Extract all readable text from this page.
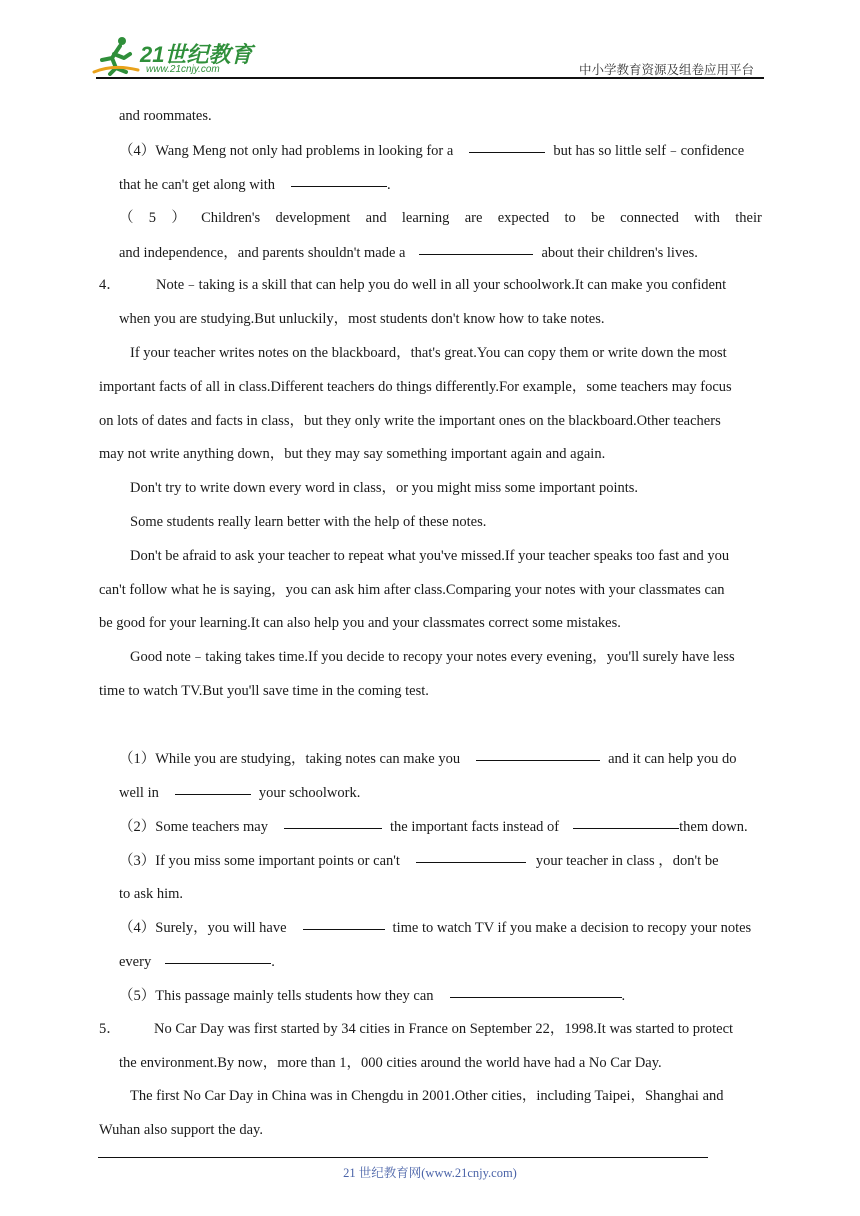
21世纪教育
www.21cnjy.com	中小学教育资源及组卷应用平台
and roommates.
（4）Wang Meng not only had problems in looking for a	but has so little self﹣confidence
that he can't get along with	.
（ 5 ） Children's development and learning are expected to be connected with their
and independence，and parents shouldn't made a	about their children's lives.
4． Note﹣taking is a skill that can help you do well in all your schoolwork.It can make you confident
when you are studying.But unluckily，most students don't know how to take notes.
If your teacher writes notes on the blackboard，that's great.You can copy them or write down the most
important facts of all in class.Different teachers do things differently.For example，some teachers may focus
on lots of dates and facts in class，but they only write the important ones on the blackboard.Other teachers
may not write anything down，but they may say something important again and again.
Don't try to write down every word in class，or you might miss some important points.
Some students really learn better with the help of these notes.
Don't be afraid to ask your teacher to repeat what you've missed.If your teacher speaks too fast and you
can't follow what he is saying，you can ask him after class.Comparing your notes with your classmates can
be good for your learning.It can also help you and your classmates correct some mistakes.
Good note﹣taking takes time.If you decide to recopy your notes every evening，you'll surely have less
time to watch TV.But you'll save time in the coming test.
（1）While you are studying，taking notes can make you	and it can help you do
well in	your schoolwork.
（2）Some teachers may	the important facts instead of	them down.
（3）If you miss some important points or can't	your teacher in class ，don't be
to ask him.
（4）Surely，you will have	time to watch TV if you make a decision to recopy your notes
every	.
（5）This passage mainly tells students how they can	.
5． No Car Day was first started by 34 cities in France on September 22，1998.It was started to protect
the environment.By now，more than 1，000 cities around the world have had a No Car Day.
The first No Car Day in China was in Chengdu in 2001.Other cities，including Taipei，Shanghai and
Wuhan also support the day.
21 世纪教育网(www.21cnjy.com)
